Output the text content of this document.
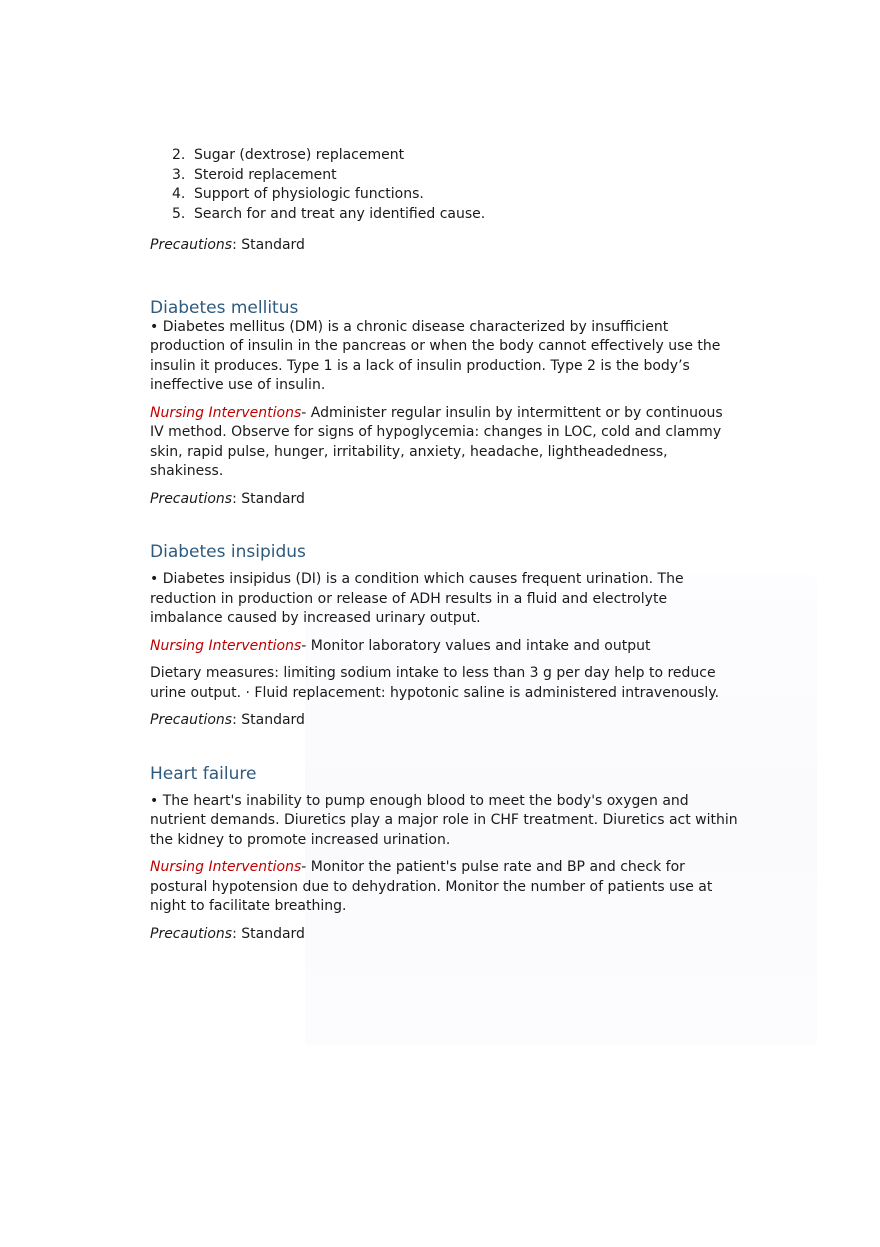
2. Sugar (dextrose) replacement
3. Steroid replacement
4. Support of physiologic functions.
5. Search for and treat any identified cause.

Precautions: Standard

Diabetes mellitus

• Diabetes mellitus (DM) is a chronic disease characterized by insufficient production of insulin in the pancreas or when the body cannot effectively use the insulin it produces. Type 1 is a lack of insulin production. Type 2 is the body’s ineffective use of insulin.

Nursing Interventions- Administer regular insulin by intermittent or by continuous IV method. Observe for signs of hypoglycemia: changes in LOC, cold and clammy skin, rapid pulse, hunger, irritability, anxiety, headache, lightheadedness, shakiness.

Precautions: Standard

Diabetes insipidus

• Diabetes insipidus (DI) is a condition which causes frequent urination. The reduction in production or release of ADH results in a fluid and electrolyte imbalance caused by increased urinary output.

Nursing Interventions- Monitor laboratory values and intake and output

Dietary measures: limiting sodium intake to less than 3 g per day help to reduce urine output. · Fluid replacement: hypotonic saline is administered intravenously.

Precautions: Standard

Heart failure

• The heart's inability to pump enough blood to meet the body's oxygen and nutrient demands. Diuretics play a major role in CHF treatment. Diuretics act within the kidney to promote increased urination.

Nursing Interventions- Monitor the patient's pulse rate and BP and check for postural hypotension due to dehydration. Monitor the number of patients use at night to facilitate breathing.

Precautions: Standard
